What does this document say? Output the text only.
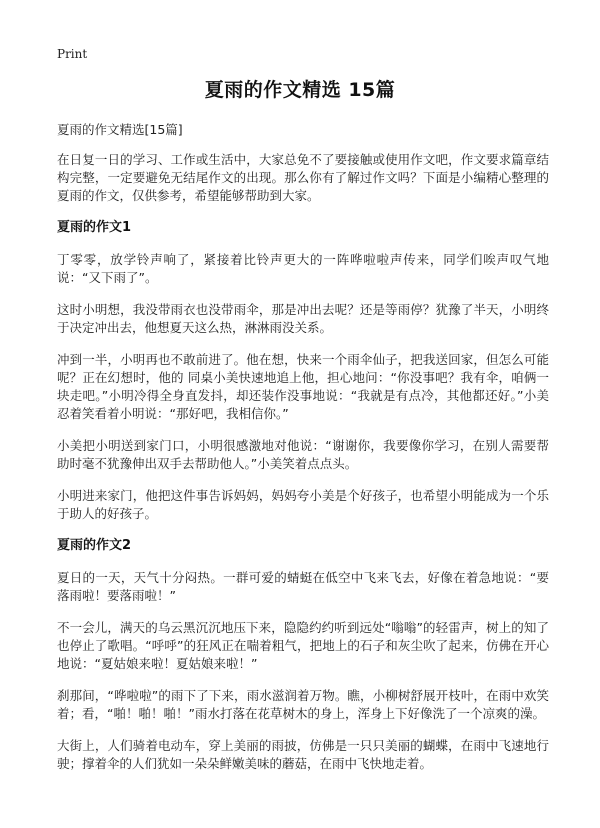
Print
夏雨的作文精选 15篇

夏雨的作文精选[15篇]

在日复一日的学习、工作或生活中，大家总免不了要接触或使用作文吧，作文要求篇章结构完整，一定要避免无结尾作文的出现。那么你有了解过作文吗？下面是小编精心整理的夏雨的作文，仅供参考，希望能够帮助到大家。

夏雨的作文1

丁零零，放学铃声响了，紧接着比铃声更大的一阵哗啦啦声传来，同学们唉声叹气地说：“又下雨了”。

这时小明想，我没带雨衣也没带雨伞，那是冲出去呢？还是等雨停？犹豫了半天，小明终于决定冲出去，他想夏天这么热，淋淋雨没关系。

冲到一半，小明再也不敢前进了。他在想，快来一个雨伞仙子，把我送回家，但怎么可能呢？正在幻想时，他的 同桌小美快速地追上他，担心地问：“你没事吧？我有伞，咱俩一块走吧。”小明冷得全身直发抖，却还装作没事地说：“我就是有点冷，其他都还好。”小美忍着笑看着小明说：“那好吧，我相信你。”

小美把小明送到家门口，小明很感激地对他说：“谢谢你，我要像你学习，在别人需要帮助时毫不犹豫伸出双手去帮助他人。”小美笑着点点头。

小明进来家门，他把这件事告诉妈妈，妈妈夸小美是个好孩子，也希望小明能成为一个乐于助人的好孩子。

夏雨的作文2

夏日的一天，天气十分闷热。一群可爱的蜻蜓在低空中飞来飞去，好像在着急地说：“要落雨啦！要落雨啦！”

不一会儿，满天的乌云黑沉沉地压下来，隐隐约约听到远处“嗡嗡”的轻雷声，树上的知了也停止了歌唱。“呼呼”的狂风正在喘着粗气，把地上的石子和灰尘吹了起来，仿佛在开心地说：“夏姑娘来啦！夏姑娘来啦！”

刹那间，“哗啦啦”的雨下了下来，雨水滋润着万物。瞧，小柳树舒展开枝叶，在雨中欢笑着；看，“啪！啪！啪！”雨水打落在花草树木的身上，浑身上下好像洗了一个凉爽的澡。

大街上，人们骑着电动车，穿上美丽的雨披，仿佛是一只只美丽的蝴蝶，在雨中飞速地行驶；撑着伞的人们犹如一朵朵鲜嫩美味的蘑菇，在雨中飞快地走着。
